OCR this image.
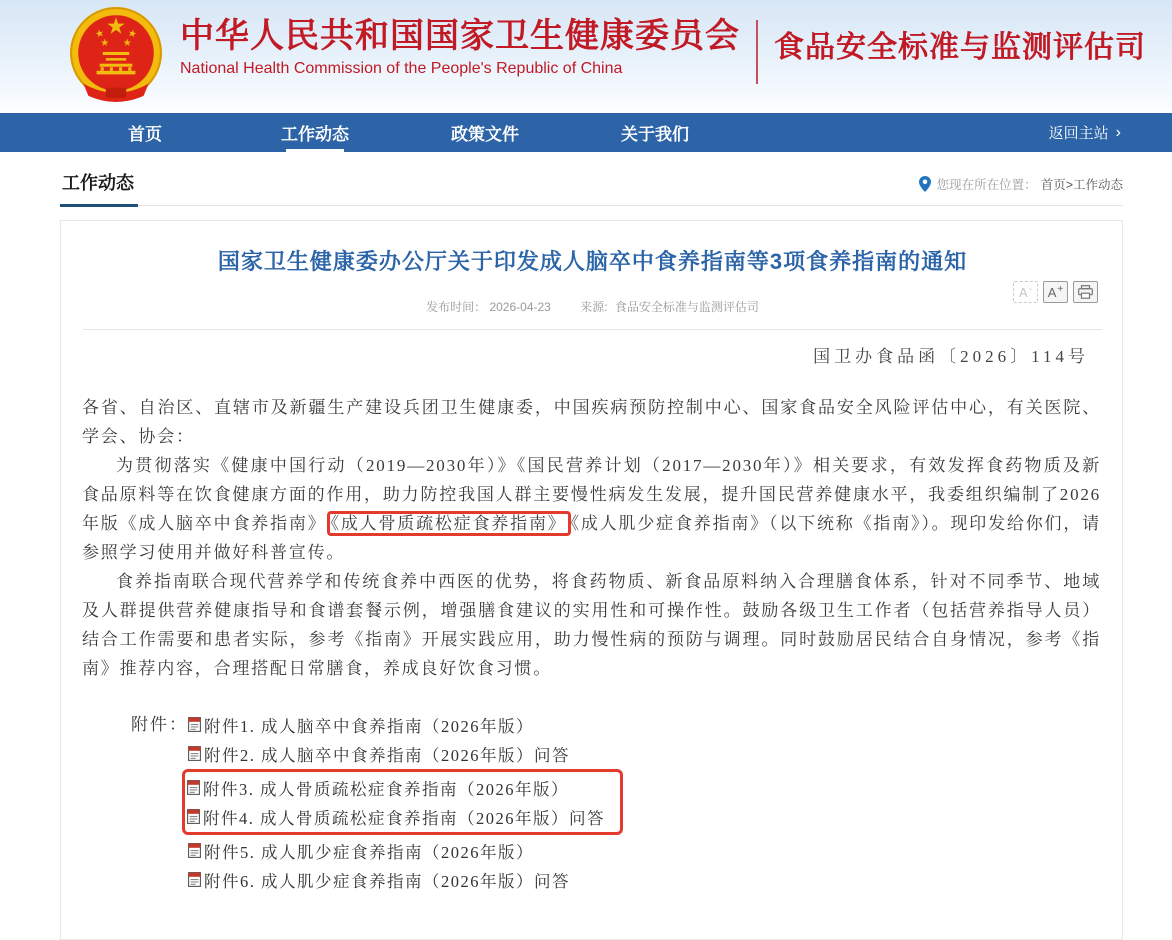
中华人民共和国国家卫生健康委员会
National Health Commission of the People's Republic of China
食品安全标准与监测评估司
首页	工作动态	政策文件	关于我们	返回主站 ›
工作动态	您现在所在位置： 首页>工作动态
国家卫生健康委办公厅关于印发成人脑卒中食养指南等3项食养指南的通知
发布时间： 2026-04-23 来源: 食品安全标准与监测评估司
A - A +
国卫办食品函〔2026〕114号

各省、自治区、直辖市及新疆生产建设兵团卫生健康委，中国疾病预防控制中心、国家食品安全风险评估中心，有关医院、学会、协会：

为贯彻落实《健康中国行动（2019—2030年）》《国民营养计划（2017—2030年）》相关要求，有效发挥食药物质及新食品原料等在饮食健康方面的作用，助力防控我国人群主要慢性病发生发展，提升国民营养健康水平，我委组织编制了2026年版《成人脑卒中食养指南》 《成人骨质疏松症食养指南》 《成人肌少症食养指南》（以下统称《指南》）。现印发给你们，请参照学习使用并做好科普宣传。

食养指南联合现代营养学和传统食养中西医的优势，将食药物质、新食品原料纳入合理膳食体系，针对不同季节、地域及人群提供营养健康指导和食谱套餐示例，增强膳食建议的实用性和可操作性。鼓励各级卫生工作者（包括营养指导人员）结合工作需要和患者实际，参考《指南》开展实践应用，助力慢性病的预防与调理。同时鼓励居民结合自身情况，参考《指南》推荐内容，合理搭配日常膳食，养成良好饮食习惯。

附件： 附件1. 成人脑卒中食养指南（2026年版）
附件2. 成人脑卒中食养指南（2026年版）问答
附件3. 成人骨质疏松症食养指南（2026年版）
附件4. 成人骨质疏松症食养指南（2026年版）问答
附件5. 成人肌少症食养指南（2026年版）
附件6. 成人肌少症食养指南（2026年版）问答
